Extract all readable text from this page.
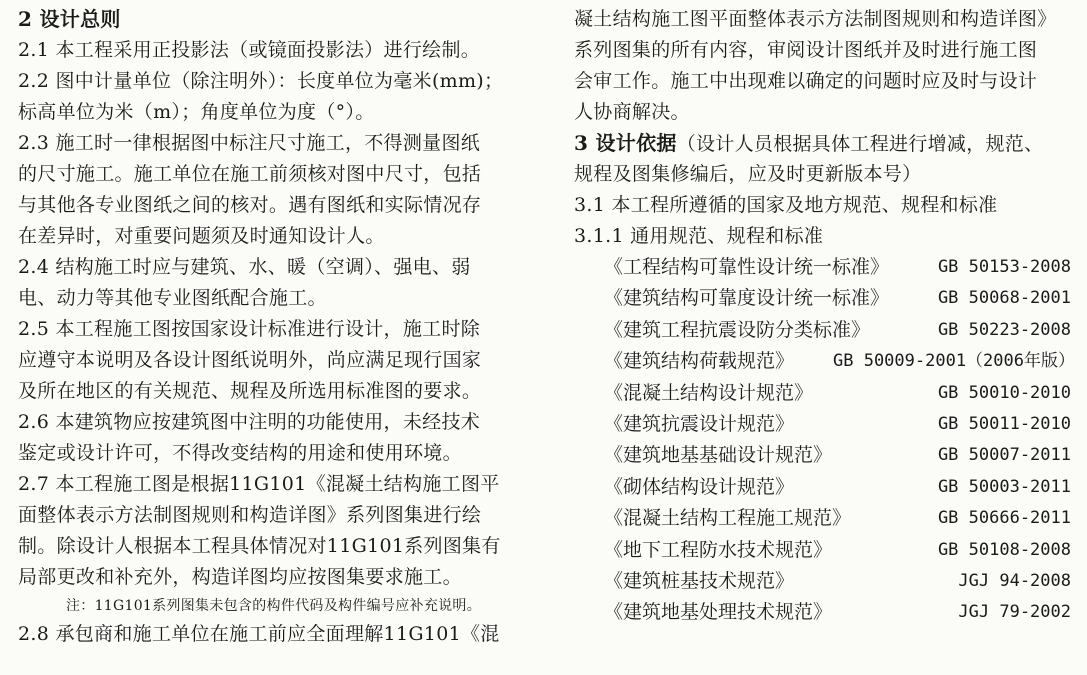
2 设计总则
2.1 本工程采用正投影法（或镜面投影法）进行绘制。
2.2 图中计量单位（除注明外）：长度单位为毫米(mm)；
标高单位为米（m）；角度单位为度（°）。
2.3 施工时一律根据图中标注尺寸施工，不得测量图纸
的尺寸施工。施工单位在施工前须核对图中尺寸，包括
与其他各专业图纸之间的核对。遇有图纸和实际情况存
在差异时，对重要问题须及时通知设计人。
2.4 结构施工时应与建筑、水、暖（空调）、强电、弱
电、动力等其他专业图纸配合施工。
2.5 本工程施工图按国家设计标准进行设计，施工时除
应遵守本说明及各设计图纸说明外，尚应满足现行国家
及所在地区的有关规范、规程及所选用标准图的要求。
2.6 本建筑物应按建筑图中注明的功能使用，未经技术
鉴定或设计许可，不得改变结构的用途和使用环境。
2.7 本工程施工图是根据11G101《混凝土结构施工图平
面整体表示方法制图规则和构造详图》系列图集进行绘
制。除设计人根据本工程具体情况对11G101系列图集有
局部更改和补充外，构造详图均应按图集要求施工。
注：11G101系列图集未包含的构件代码及构件编号应补充说明。
2.8 承包商和施工单位在施工前应全面理解11G101《混
凝土结构施工图平面整体表示方法制图规则和构造详图》
系列图集的所有内容，审阅设计图纸并及时进行施工图
会审工作。施工中出现难以确定的问题时应及时与设计
人协商解决。
3 设计依据（设计人员根据具体工程进行增减，规范、
规程及图集修编后，应及时更新版本号）
3.1 本工程所遵循的国家及地方规范、规程和标准
3.1.1 通用规范、规程和标准
《工程结构可靠性设计统一标准》	GB 50153-2008
《建筑结构可靠度设计统一标准》	GB 50068-2001
《建筑工程抗震设防分类标准》	GB 50223-2008
《建筑结构荷载规范》 GB 50009-2001（2006年版）
《混凝土结构设计规范》	GB 50010-2010
《建筑抗震设计规范》	GB 50011-2010
《建筑地基基础设计规范》	GB 50007-2011
《砌体结构设计规范》	GB 50003-2011
《混凝土结构工程施工规范》	GB 50666-2011
《地下工程防水技术规范》	GB 50108-2008
《建筑桩基技术规范》	JGJ 94-2008
《建筑地基处理技术规范》	JGJ 79-2002
